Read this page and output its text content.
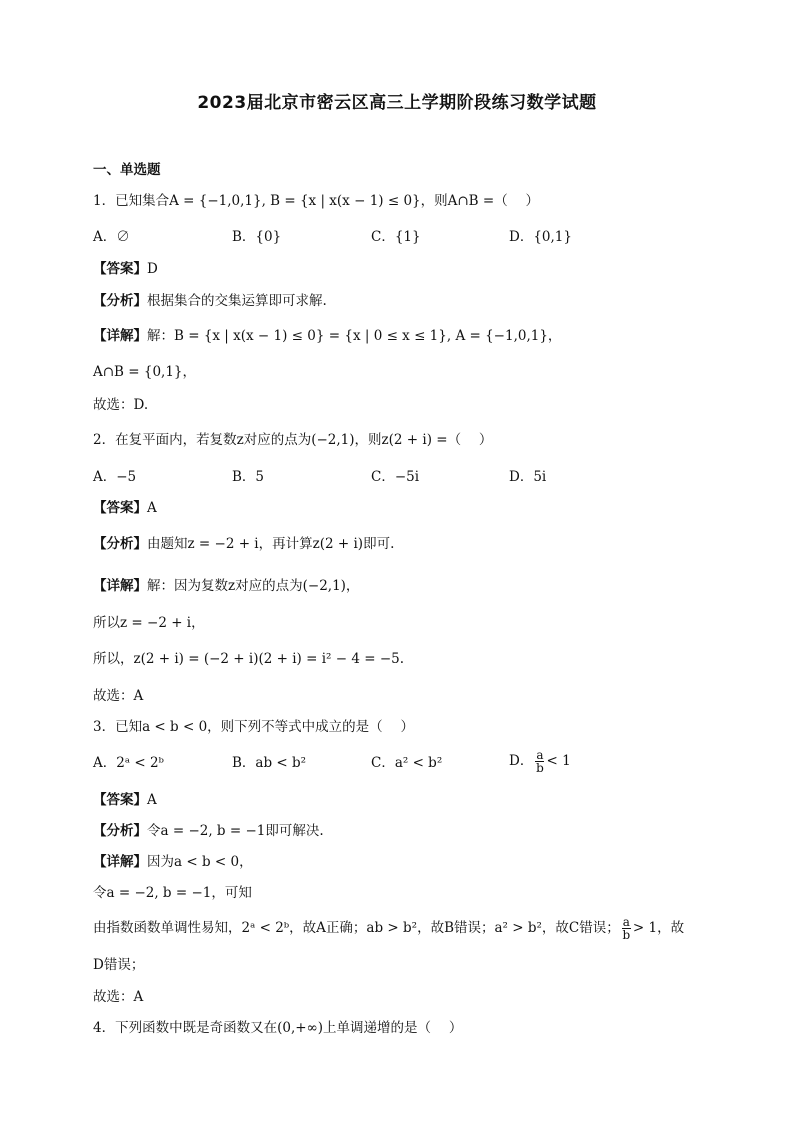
2023届北京市密云区高三上学期阶段练习数学试题
一、单选题
1．已知集合A = {−1,0,1}, B = {x | x(x − 1) ≤ 0}，则A∩B =（　 ）
A．∅	B．{0}	C．{1}	D．{0,1}
【答案】D
【分析】根据集合的交集运算即可求解.
【详解】解：B = {x | x(x − 1) ≤ 0} = {x | 0 ≤ x ≤ 1}, A = {−1,0,1}，
A∩B = {0,1}，
故选：D.
2．在复平面内，若复数z对应的点为(−2,1)，则z(2 + i) =（　 ）
A．−5	B．5	C．−5i	D．5i
【答案】A
【分析】由题知z = −2 + i，再计算z(2 + i)即可.
【详解】解：因为复数z对应的点为(−2,1)，
所以z = −2 + i，
所以，z(2 + i) = (−2 + i)(2 + i) = i² − 4 = −5.
故选：A
3．已知a < b < 0，则下列不等式中成立的是（　 ）
A．2ᵃ < 2ᵇ	B．ab < b²	C．a² < b²	D． $\frac{a}{b} < 1$
【答案】A
【分析】令a = −2, b = −1即可解决.
【详解】因为a < b < 0，
令a = −2, b = −1，可知
由指数函数单调性易知，2ᵃ < 2ᵇ，故A正确；ab > b²，故B错误；a² > b²，故C错误； $\frac{a}{b} > 1$，故
D错误；
故选：A
4．下列函数中既是奇函数又在(0,+∞)上单调递增的是（　 ）
